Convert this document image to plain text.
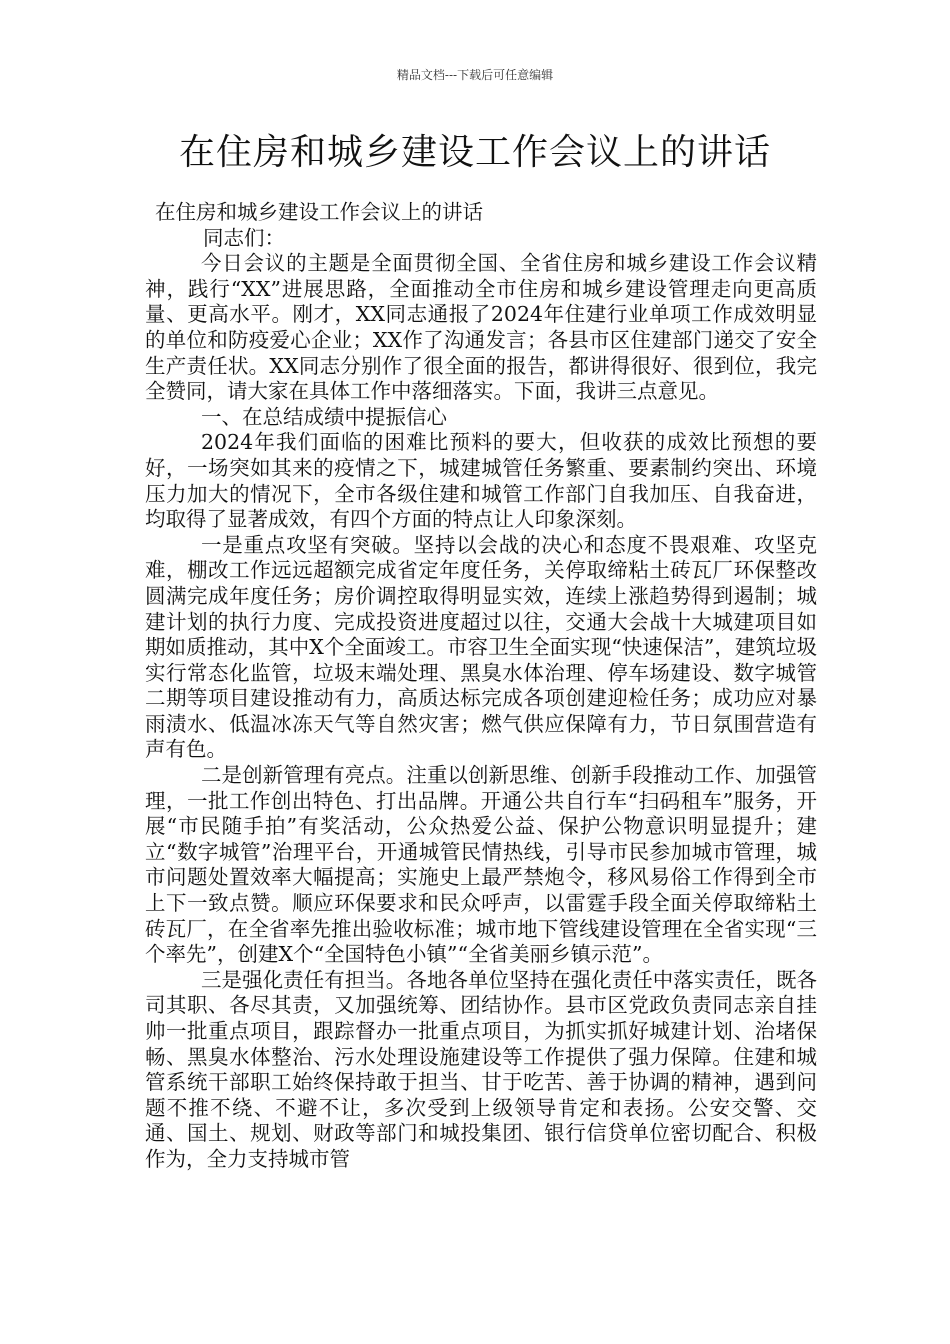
精品文档---下载后可任意编辑
在住房和城乡建设工作会议上的讲话

在住房和城乡建设工作会议上的讲话

同志们：

今日会议的主题是全面贯彻全国、全省住房和城乡建设工作会议精神，践行“XX”进展思路，全面推动全市住房和城乡建设管理走向更高质量、更高水平。刚才，XX同志通报了2024年住建行业单项工作成效明显的单位和防疫爱心企业；XX作了沟通发言；各县市区住建部门递交了安全生产责任状。XX同志分别作了很全面的报告，都讲得很好、很到位，我完全赞同，请大家在具体工作中落细落实。下面，我讲三点意见。

一、在总结成绩中提振信心

2024年我们面临的困难比预料的要大，但收获的成效比预想的要好，一场突如其来的疫情之下，城建城管任务繁重、要素制约突出、环境压力加大的情况下，全市各级住建和城管工作部门自我加压、自我奋进，均取得了显著成效，有四个方面的特点让人印象深刻。

一是重点攻坚有突破。坚持以会战的决心和态度不畏艰难、攻坚克难，棚改工作远远超额完成省定年度任务，关停取缔粘土砖瓦厂环保整改圆满完成年度任务；房价调控取得明显实效，连续上涨趋势得到遏制；城建计划的执行力度、完成投资进度超过以往，交通大会战十大城建项目如期如质推动，其中X个全面竣工。市容卫生全面实现“快速保洁”，建筑垃圾实行常态化监管，垃圾末端处理、黑臭水体治理、停车场建设、数字城管二期等项目建设推动有力，高质达标完成各项创建迎检任务；成功应对暴雨渍水、低温冰冻天气等自然灾害；燃气供应保障有力，节日氛围营造有声有色。

二是创新管理有亮点。注重以创新思维、创新手段推动工作、加强管理，一批工作创出特色、打出品牌。开通公共自行车“扫码租车”服务，开展“市民随手拍”有奖活动，公众热爱公益、保护公物意识明显提升；建立“数字城管”治理平台，开通城管民情热线，引导市民参加城市管理，城市问题处置效率大幅提高；实施史上最严禁炮令，移风易俗工作得到全市上下一致点赞。顺应环保要求和民众呼声，以雷霆手段全面关停取缔粘土砖瓦厂，在全省率先推出验收标准；城市地下管线建设管理在全省实现“三个率先”，创建X个“全国特色小镇”“全省美丽乡镇示范”。

三是强化责任有担当。各地各单位坚持在强化责任中落实责任，既各司其职、各尽其责，又加强统筹、团结协作。县市区党政负责同志亲自挂帅一批重点项目，跟踪督办一批重点项目，为抓实抓好城建计划、治堵保畅、黑臭水体整治、污水处理设施建设等工作提供了强力保障。住建和城管系统干部职工始终保持敢于担当、甘于吃苦、善于协调的精神，遇到问题不推不绕、不避不让，多次受到上级领导肯定和表扬。公安交警、交通、国土、规划、财政等部门和城投集团、银行信贷单位密切配合、积极作为，全力支持城市管
